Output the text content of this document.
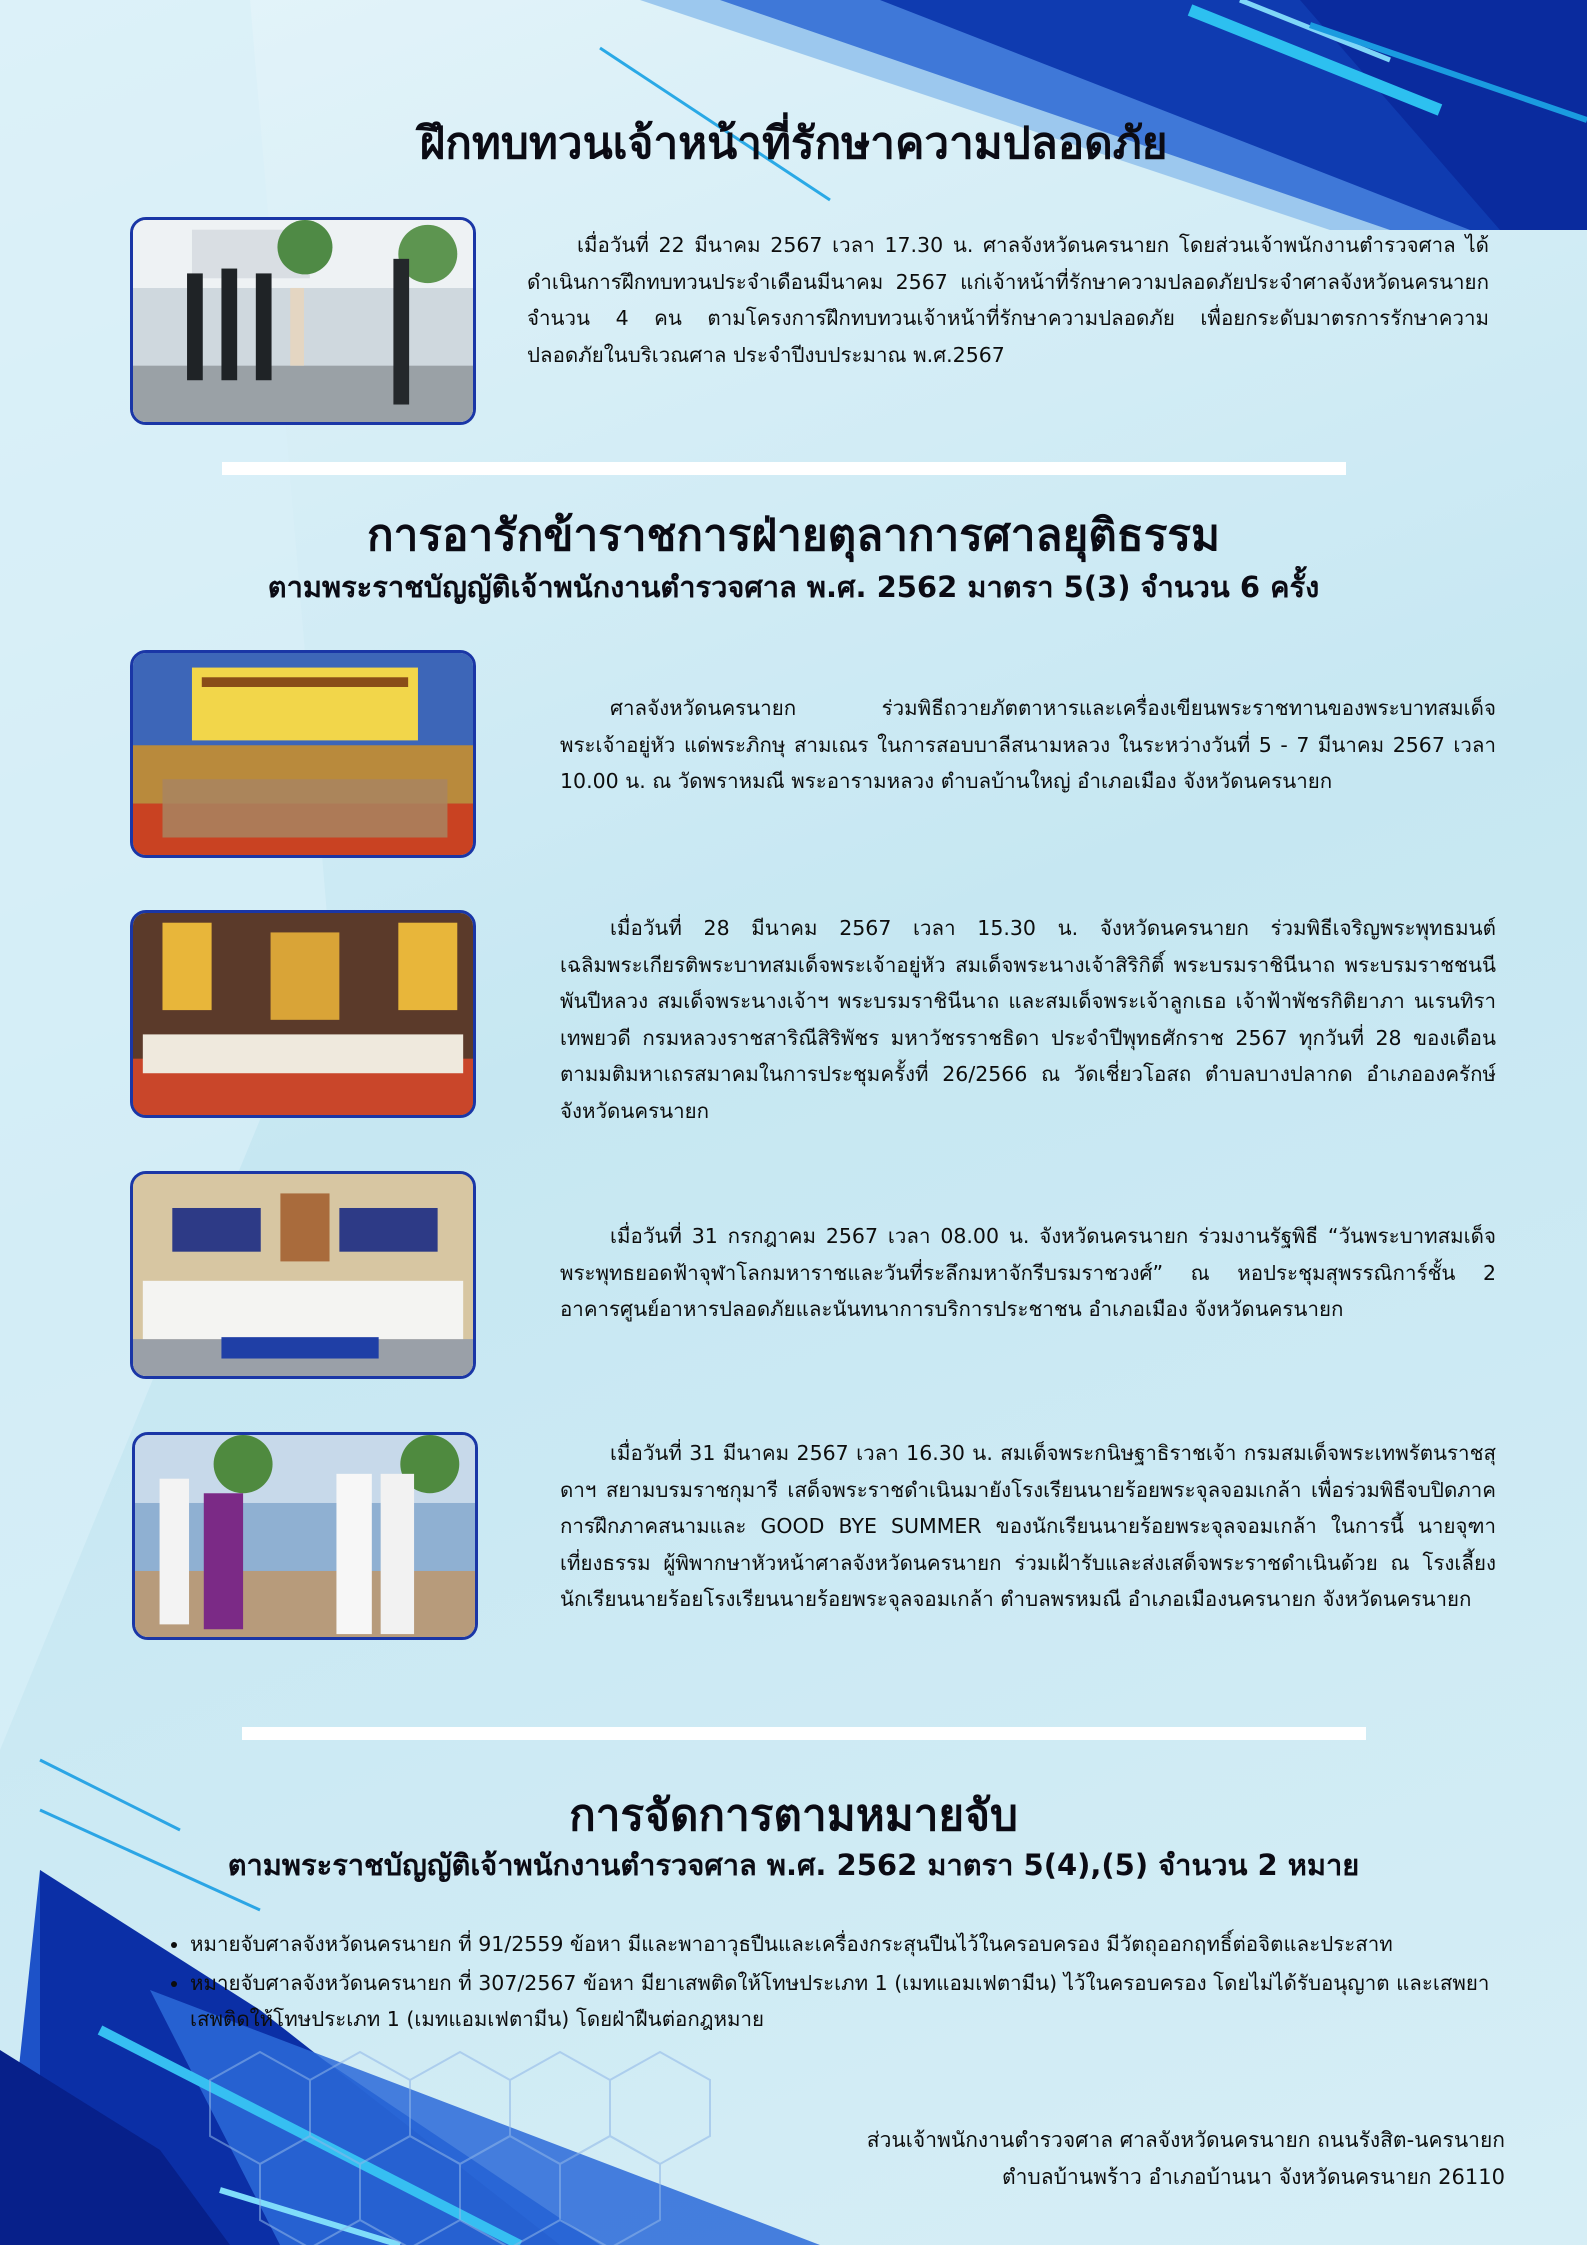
ฝึกทบทวนเจ้าหน้าที่รักษาความปลอดภัย
เมื่อวันที่ 22 มีนาคม 2567 เวลา 17.30 น. ศาลจังหวัดนครนายก โดยส่วนเจ้าพนักงานตำรวจศาล ได้ดำเนินการฝึกทบทวนประจำเดือนมีนาคม 2567 แก่เจ้าหน้าที่รักษาความปลอดภัยประจำศาลจังหวัดนครนายก จำนวน 4 คน ตามโครงการฝึกทบทวนเจ้าหน้าที่รักษาความปลอดภัย เพื่อยกระดับมาตรการรักษาความปลอดภัยในบริเวณศาล ประจำปีงบประมาณ พ.ศ.2567
การอารักข้าราชการฝ่ายตุลาการศาลยุติธรรม
ตามพระราชบัญญัติเจ้าพนักงานตำรวจศาล พ.ศ. 2562 มาตรา 5(3) จำนวน 6 ครั้ง
ศาลจังหวัดนครนายก ร่วมพิธีถวายภัตตาหารและเครื่องเขียนพระราชทานของพระบาทสมเด็จพระเจ้าอยู่หัว แด่พระภิกษุ สามเณร ในการสอบบาลีสนามหลวง ในระหว่างวันที่ 5 - 7 มีนาคม 2567 เวลา 10.00 น. ณ วัดพราหมณี พระอารามหลวง ตำบลบ้านใหญ่ อำเภอเมือง จังหวัดนครนายก
เมื่อวันที่ 28 มีนาคม 2567 เวลา 15.30 น. จังหวัดนครนายก ร่วมพิธีเจริญพระพุทธมนต์เฉลิมพระเกียรติพระบาทสมเด็จพระเจ้าอยู่หัว สมเด็จพระนางเจ้าสิริกิติ์ พระบรมราชินีนาถ พระบรมราชชนนีพันปีหลวง สมเด็จพระนางเจ้าฯ พระบรมราชินีนาถ และสมเด็จพระเจ้าลูกเธอ เจ้าฟ้าพัชรกิติยาภา นเรนทิราเทพยวดี กรมหลวงราชสาริณีสิริพัชร มหาวัชรราชธิดา ประจำปีพุทธศักราช 2567 ทุกวันที่ 28 ของเดือน ตามมติมหาเถรสมาคมในการประชุมครั้งที่ 26/2566 ณ วัดเชี่ยวโอสถ ตำบลบางปลากด อำเภอองครักษ์ จังหวัดนครนายก
เมื่อวันที่ 31 กรกฎาคม 2567 เวลา 08.00 น. จังหวัดนครนายก ร่วมงานรัฐพิธี “วันพระบาทสมเด็จพระพุทธยอดฟ้าจุฬาโลกมหาราชและวันที่ระลึกมหาจักรีบรมราชวงศ์” ณ หอประชุมสุพรรณิการ์ชั้น 2 อาคารศูนย์อาหารปลอดภัยและนันทนาการบริการประชาชน อำเภอเมือง จังหวัดนครนายก
เมื่อวันที่ 31 มีนาคม 2567 เวลา 16.30 น. สมเด็จพระกนิษฐาธิราชเจ้า กรมสมเด็จพระเทพรัตนราชสุดาฯ สยามบรมราชกุมารี เสด็จพระราชดำเนินมายังโรงเรียนนายร้อยพระจุลจอมเกล้า เพื่อร่วมพิธีจบปิดภาคการฝึกภาคสนามและ GOOD BYE SUMMER ของนักเรียนนายร้อยพระจุลจอมเกล้า ในการนี้ นายจุฑา เที่ยงธรรม ผู้พิพากษาหัวหน้าศาลจังหวัดนครนายก ร่วมเฝ้ารับและส่งเสด็จพระราชดำเนินด้วย ณ โรงเลี้ยงนักเรียนนายร้อยโรงเรียนนายร้อยพระจุลจอมเกล้า ตำบลพรหมณี อำเภอเมืองนครนายก จังหวัดนครนายก
การจัดการตามหมายจับ
ตามพระราชบัญญัติเจ้าพนักงานตำรวจศาล พ.ศ. 2562 มาตรา 5(4),(5) จำนวน 2 หมาย
• หมายจับศาลจังหวัดนครนายก ที่ 91/2559 ข้อหา มีและพาอาวุธปืนและเครื่องกระสุนปืนไว้ในครอบครอง มีวัตถุออกฤทธิ์ต่อจิตและประสาท
• หมายจับศาลจังหวัดนครนายก ที่ 307/2567 ข้อหา มียาเสพติดให้โทษประเภท 1 (เมทแอมเฟตามีน) ไว้ในครอบครอง โดยไม่ได้รับอนุญาต และเสพยาเสพติดให้โทษประเภท 1 (เมทแอมเฟตามีน) โดยฝ่าฝืนต่อกฎหมาย
ส่วนเจ้าพนักงานตำรวจศาล ศาลจังหวัดนครนายก ถนนรังสิต-นครนายก
ตำบลบ้านพร้าว อำเภอบ้านนา จังหวัดนครนายก 26110
